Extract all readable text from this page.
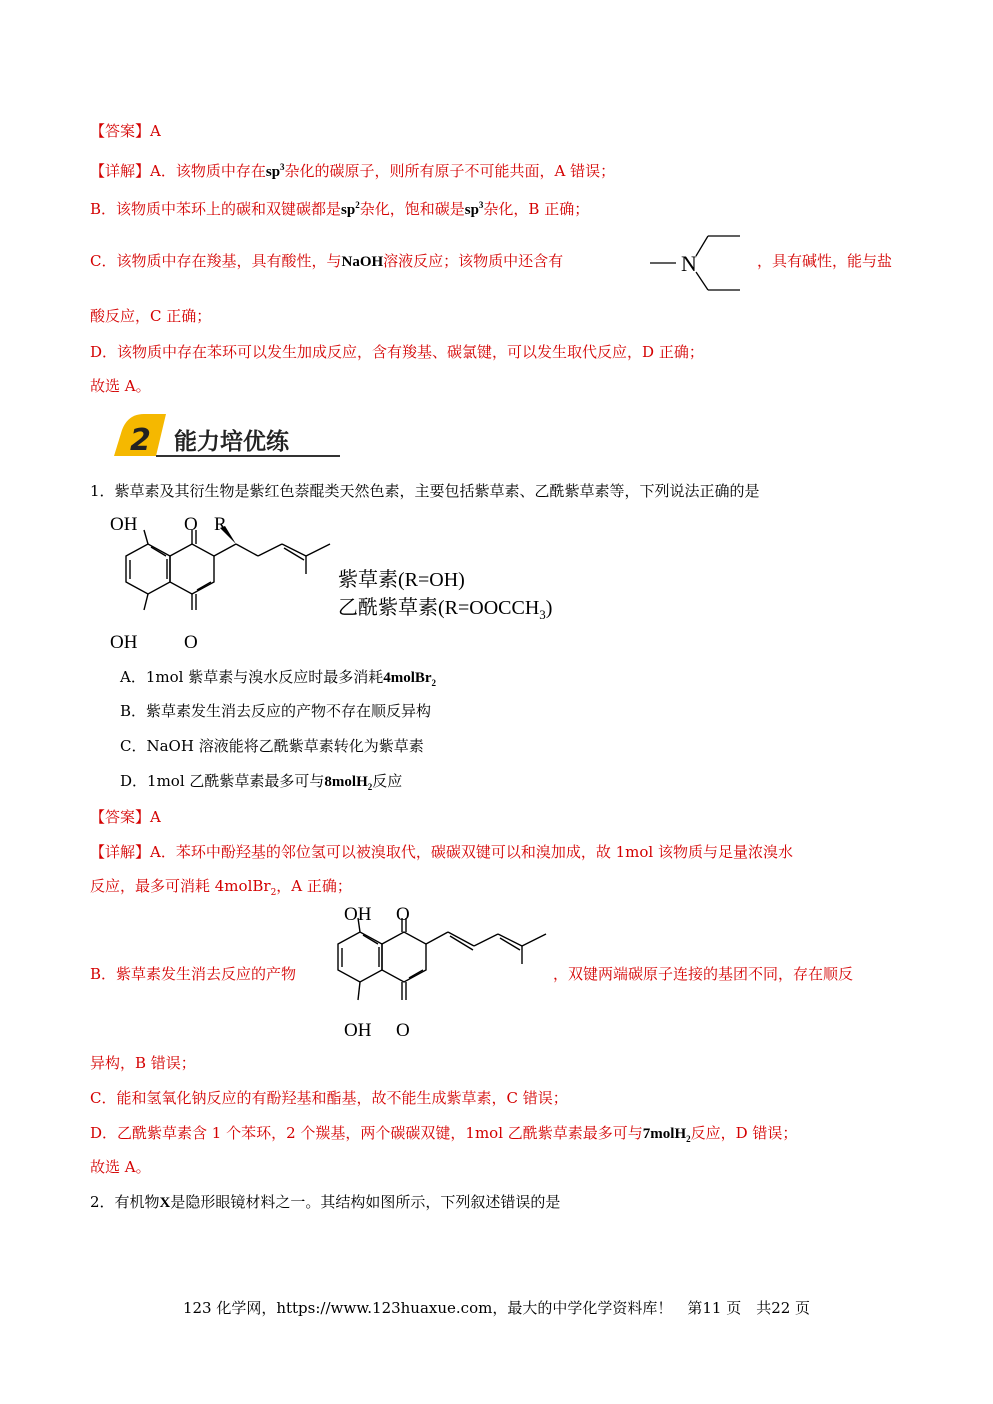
【答案】A
【详解】A．该物质中存在$sp^3$杂化的碳原子，则所有原子不可能共面，A 错误；
B．该物质中苯环上的碳和双键碳都是$sp^2$杂化，饱和碳是$sp^3$杂化，B 正确；
C．该物质中存在羧基，具有酸性，与NaOH溶液反应；该物质中还含有	N	，具有碱性，能与盐
酸反应，C 正确；
D．该物质中存在苯环可以发生加成反应，含有羧基、碳氯键，可以发生取代反应，D 正确；
故选 A。
2 能力培优练
1．紫草素及其衍生物是紫红色萘醌类天然色素，主要包括紫草素、乙酰紫草素等，下列说法正确的是
OH O R
OH O
紫草素(R=OH)
乙酰紫草素$(R=OOCCH_3)$
A．1mol 紫草素与溴水反应时最多消耗4molBr$_2$
B．紫草素发生消去反应的产物不存在顺反异构
C．NaOH 溶液能将乙酰紫草素转化为紫草素
D．1mol 乙酰紫草素最多可与8molH$_2$反应
【答案】A
【详解】A．苯环中酚羟基的邻位氢可以被溴取代，碳碳双键可以和溴加成，故 1mol 该物质与足量浓溴水
反应，最多可消耗 4molBr$_2$，A 正确；
B．紫草素发生消去反应的产物
OH O
OH O
，双键两端碳原子连接的基团不同，存在顺反
异构，B 错误；
C．能和氢氧化钠反应的有酚羟基和酯基，故不能生成紫草素，C 错误；
D．乙酰紫草素含 1 个苯环，2 个羰基，两个碳碳双键，1mol 乙酰紫草素最多可与7molH$_2$反应，D 错误；
故选 A。
2．有机物X是隐形眼镜材料之一。其结构如图所示，下列叙述错误的是
123 化学网，https://www.123huaxue.com，最大的中学化学资料库！　第11 页　共22 页
